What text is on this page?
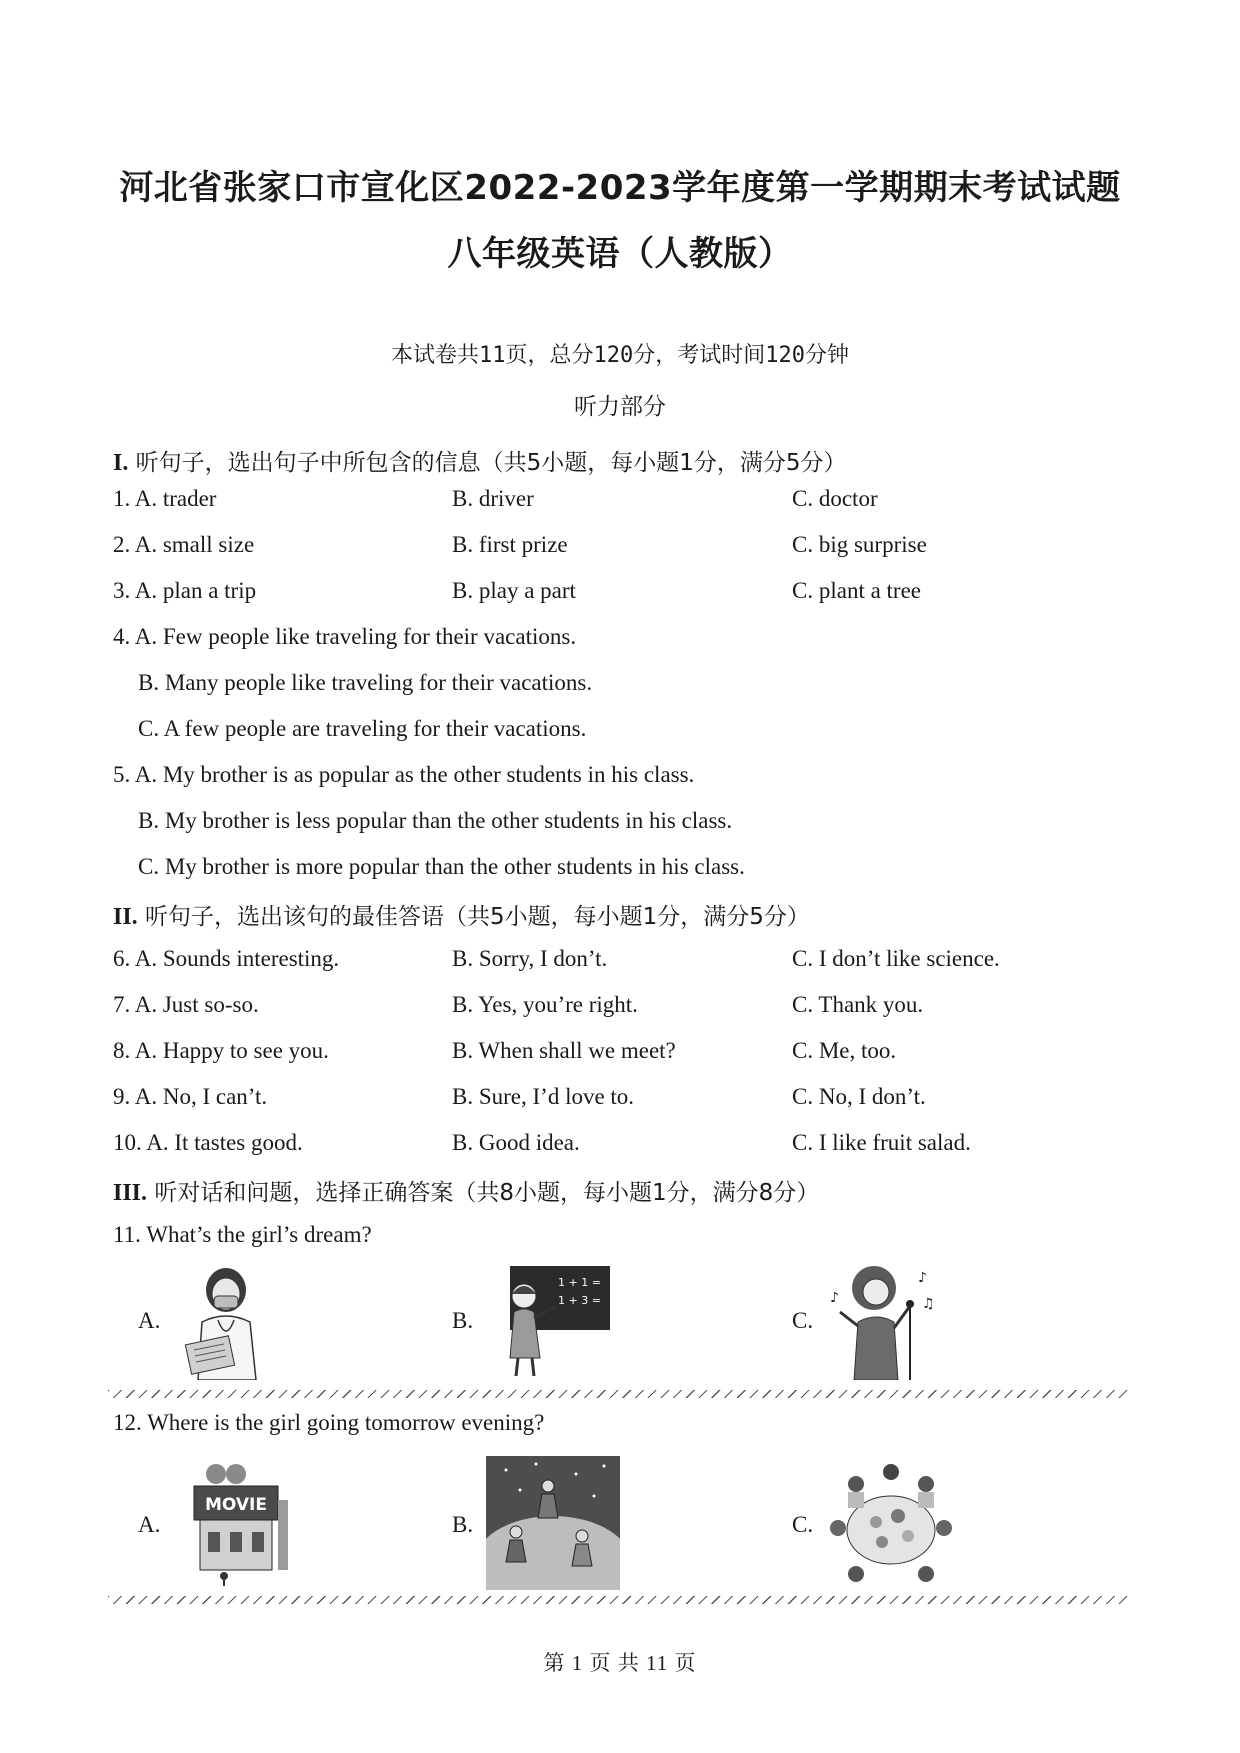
河北省张家口市宣化区2022-2023学年度第一学期期末考试试题
八年级英语（人教版）
本试卷共11页，总分120分，考试时间120分钟
听力部分
I. 听句子，选出句子中所包含的信息（共5小题，每小题1分，满分5分）
1. A. trader	B. driver	C. doctor
2. A. small size	B. first prize	C. big surprise
3. A. plan a trip	B. play a part	C. plant a tree
4. A. Few people like traveling for their vacations.
B. Many people like traveling for their vacations.
C. A few people are traveling for their vacations.
5. A. My brother is as popular as the other students in his class.
B. My brother is less popular than the other students in his class.
C. My brother is more popular than the other students in his class.
II. 听句子，选出该句的最佳答语（共5小题，每小题1分，满分5分）
6. A. Sounds interesting.	B. Sorry, I don’t.	C. I don’t like science.
7. A. Just so-so.	B. Yes, you’re right.	C. Thank you.
8. A. Happy to see you.	B. When shall we meet?	C. Me, too.
9. A. No, I can’t.	B. Sure, I’d love to.	C. No, I don’t.
10. A. It tastes good.	B. Good idea.	C. I like fruit salad.
III. 听对话和问题，选择正确答案（共8小题，每小题1分，满分8分）
11. What’s the girl’s dream?
A.	B.	C.
1 + 1 =
1 + 3 =
♪
♫
♪
12. Where is the girl going tomorrow evening?
A.	B.	C.
MOVIE
第 1 页 共 11 页
